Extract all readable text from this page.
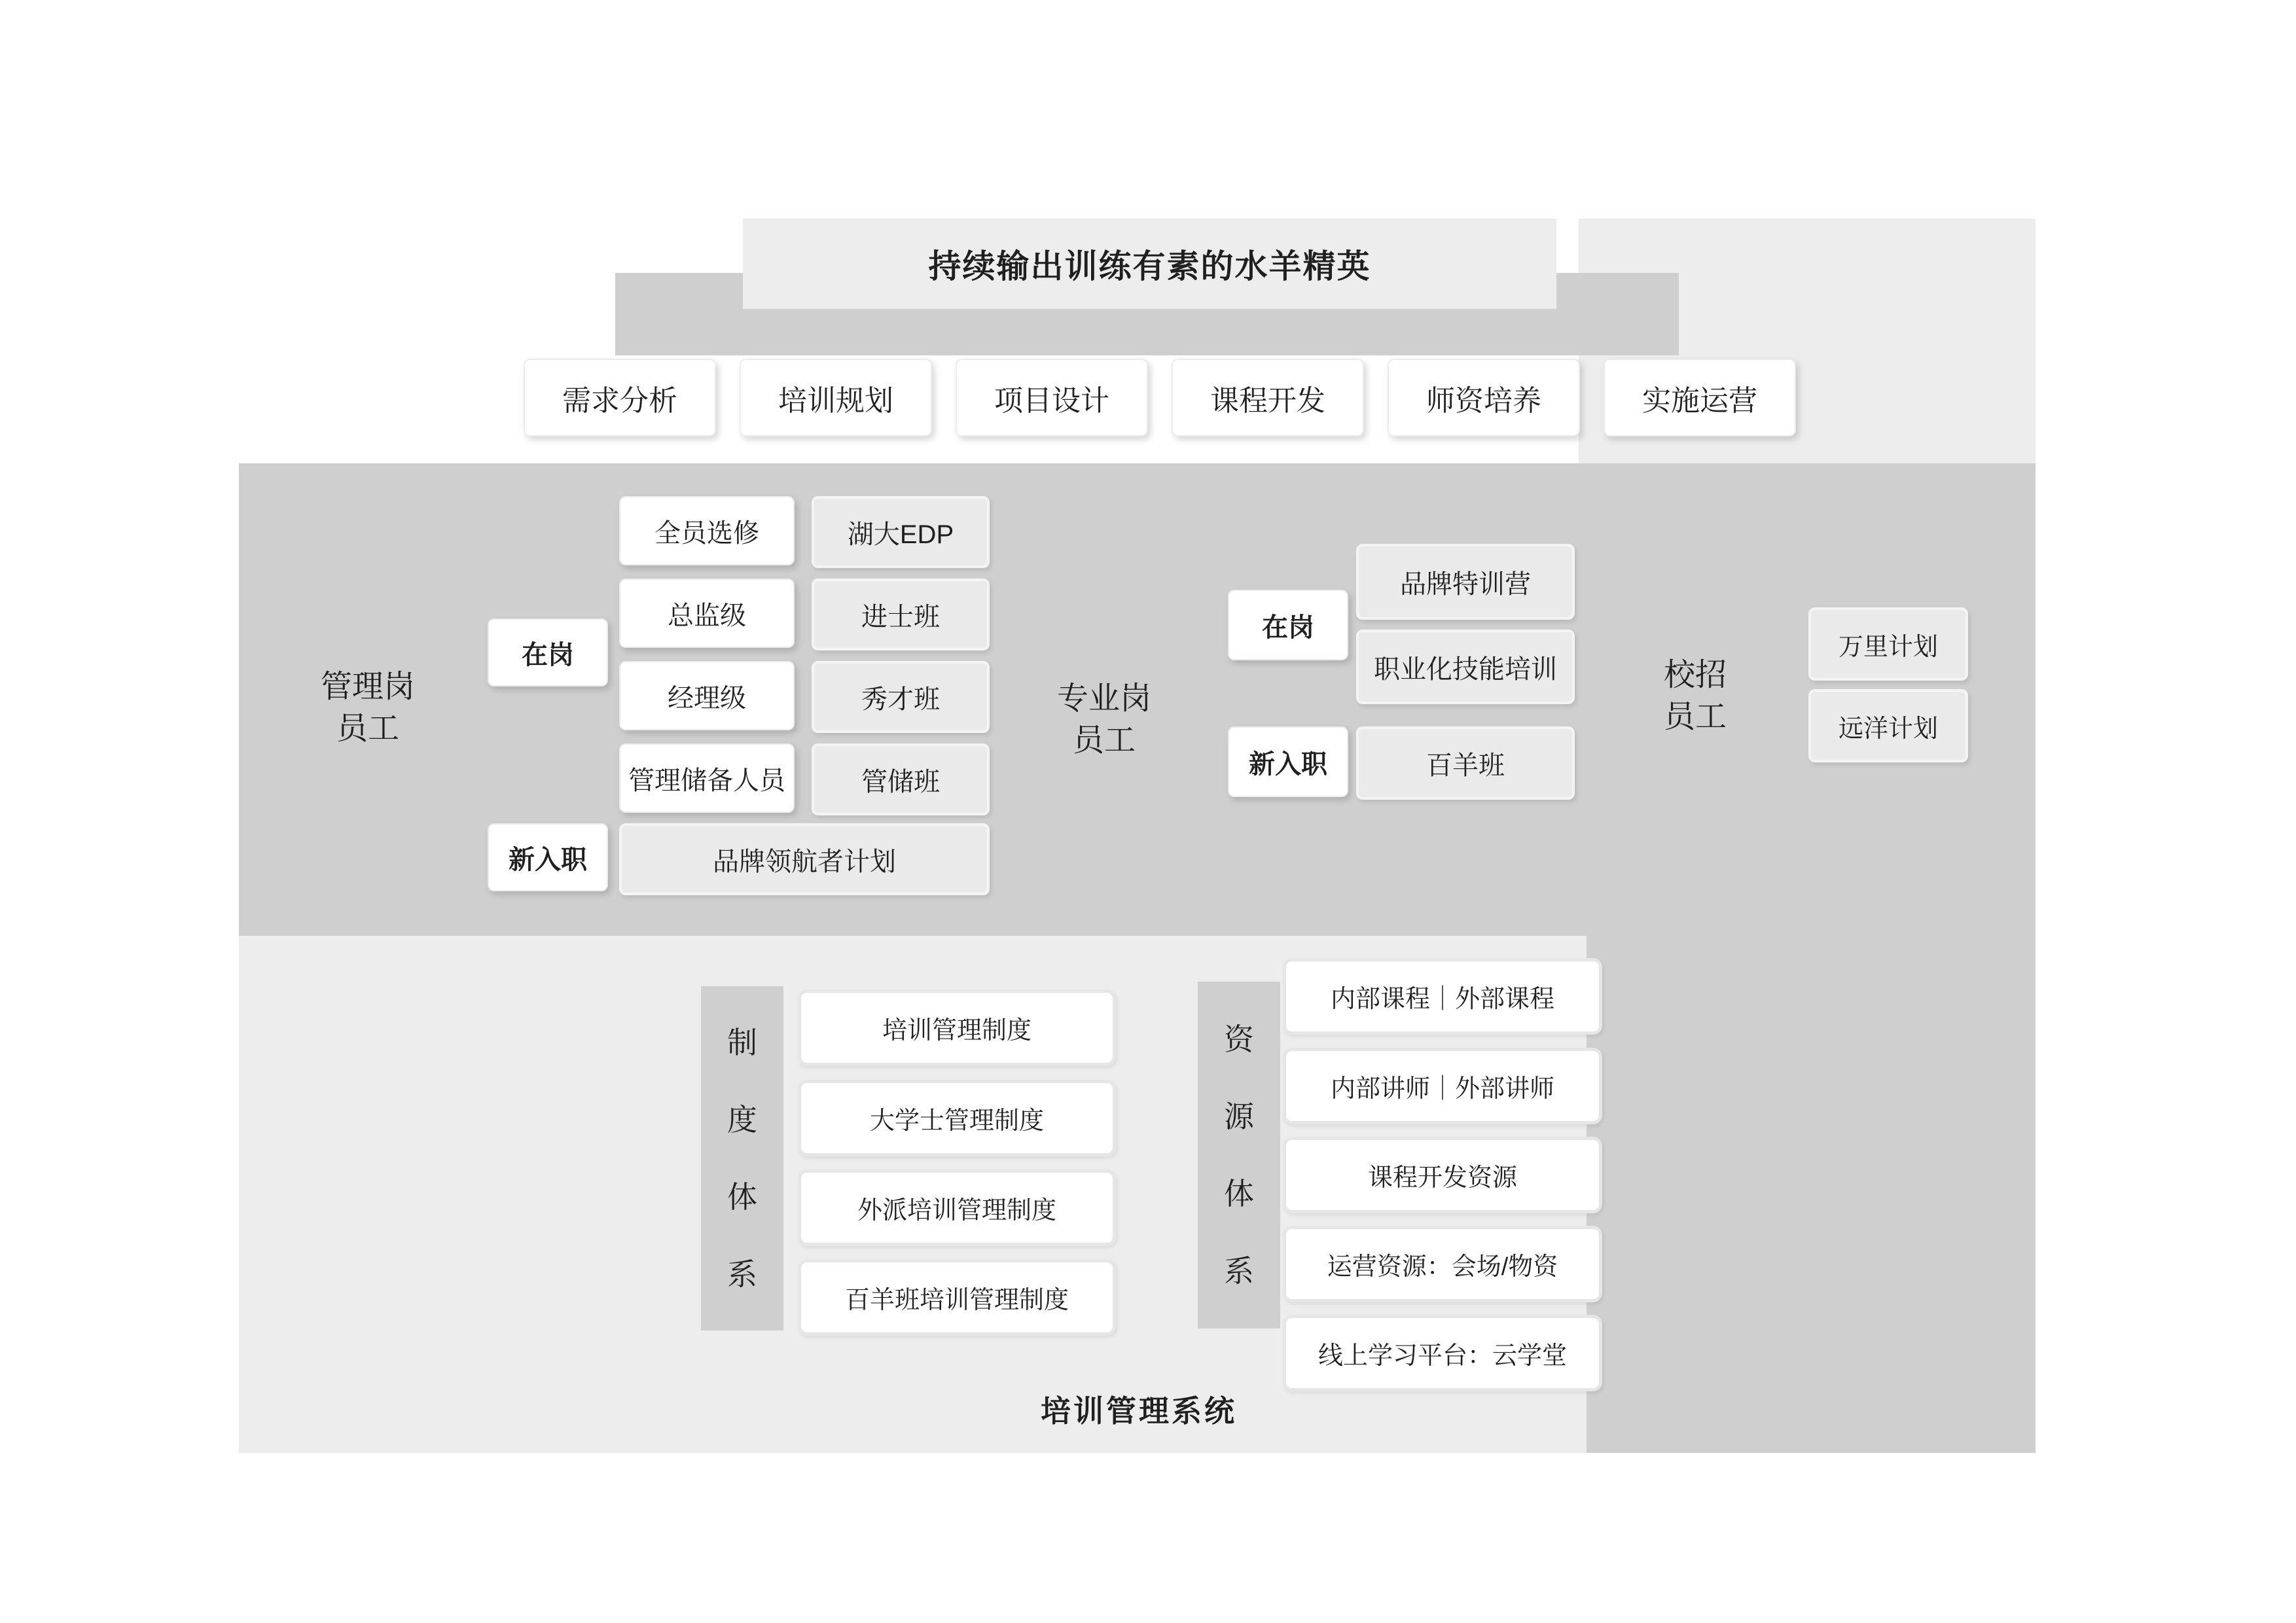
持续输出训练有素的水羊精英
需求分析	培训规划	项目设计	课程开发	师资培养	实施运营
管理岗
员工
在岗
全员选修
总监级
经理级
管理储备人员
湖大EDP
进士班
秀才班
管储班
新入职	品牌领航者计划
专业岗
员工
在岗
品牌特训营
职业化技能培训
新入职	百羊班
校招
员工
万里计划
远洋计划
制度体系
培训管理制度
大学士管理制度
外派培训管理制度
百羊班培训管理制度
资源体系
内部课程｜外部课程
内部讲师｜外部讲师
课程开发资源
运营资源：会场/物资
线上学习平台：云学堂
培训管理系统
